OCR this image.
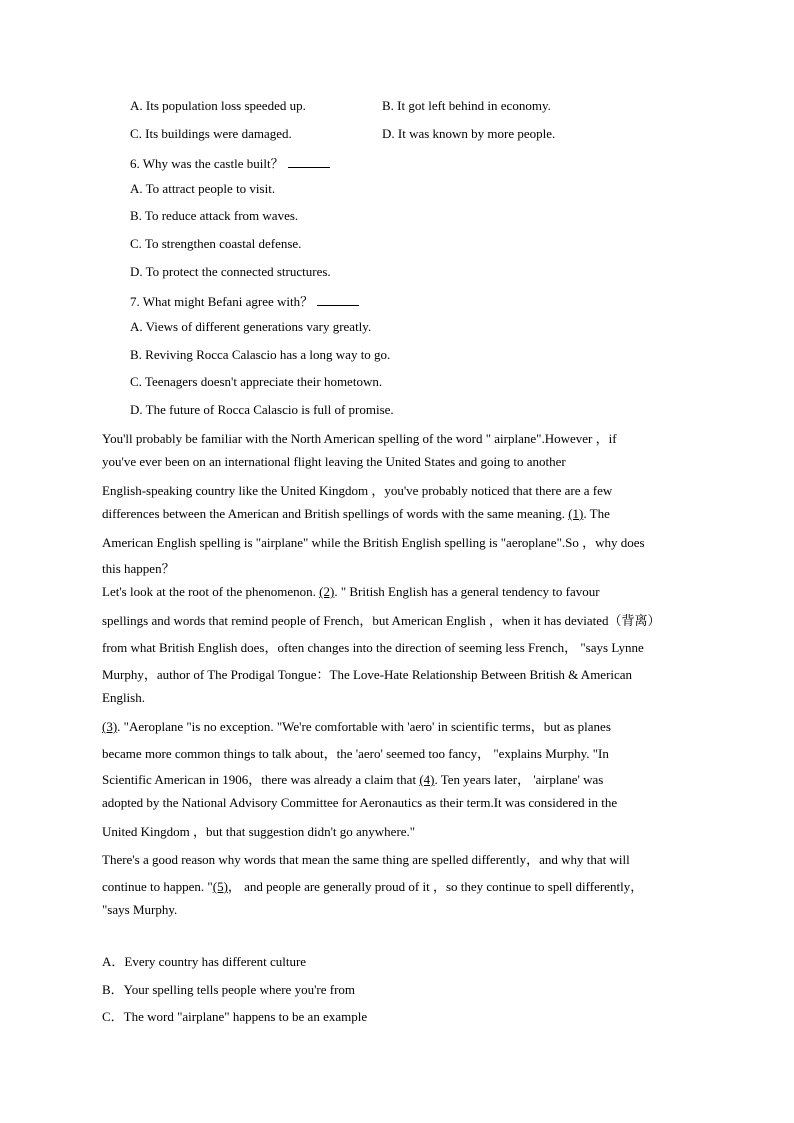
A. Its population loss speeded up.	B. It got left behind in economy.
C. Its buildings were damaged.	D. It was known by more people.
6. Why was the castle built？
A. To attract people to visit.
B. To reduce attack from waves.
C. To strengthen coastal defense.
D. To protect the connected structures.
7. What might Befani agree with？
A. Views of different generations vary greatly.
B. Reviving Rocca Calascio has a long way to go.
C. Teenagers doesn't appreciate their hometown.
D. The future of Rocca Calascio is full of promise.
You'll probably be familiar with the North American spelling of the word " airplane".However ，if
you've ever been on an international flight leaving the United States and going to another
English-speaking country like the United Kingdom ，you've probably noticed that there are a few
differences between the American and British spellings of words with the same meaning. (1). The
American English spelling is "airplane" while the British English spelling is "aeroplane".So ，why does
this happen？
Let's look at the root of the phenomenon. (2). " British English has a general tendency to favour
spellings and words that remind people of French，but American English ，when it has deviated（背离）
from what British English does，often changes into the direction of seeming less French， "says Lynne
Murphy，author of The Prodigal Tongue：The Love-Hate Relationship Between British & American
English.
(3). "Aeroplane "is no exception. "We're comfortable with 'aero' in scientific terms，but as planes
became more common things to talk about，the 'aero' seemed too fancy， "explains Murphy. "In
Scientific American in 1906，there was already a claim that (4). Ten years later， 'airplane' was
adopted by the National Advisory Committee for Aeronautics as their term.It was considered in the
United Kingdom ，but that suggestion didn't go anywhere."
There's a good reason why words that mean the same thing are spelled differently，and why that will
continue to happen. "(5)， and people are generally proud of it ，so they continue to spell differently，
"says Murphy.
A．Every country has different culture
B．Your spelling tells people where you're from
C．The word "airplane" happens to be an example
